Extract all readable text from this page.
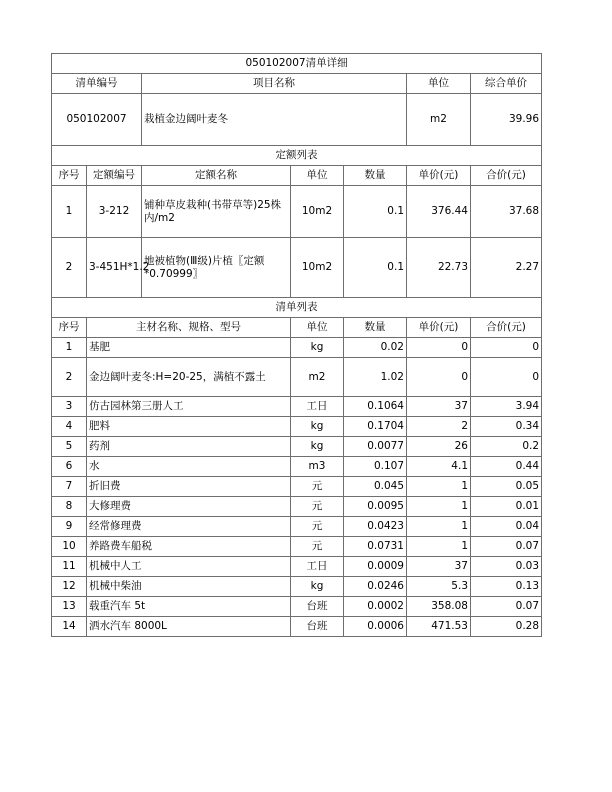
050102007清单详细						
清单编号		项目名称			单位	综合单价
050102007		栽植金边阔叶麦冬			m2	39.96
定额列表						
序号	定额编号	定额名称	单位	数量	单价(元)	合价(元)
1	3-212	铺种草皮栽种(书带草等)25株内/m2	10m2	0.1	376.44	37.68
2	3-451H*1.2	地被植物(Ⅲ级)片植〖定额*0.70999〗	10m2	0.1	22.73	2.27
清单列表						
序号	主材名称、规格、型号		单位	数量	单价(元)	合价(元)
1	基肥		kg	0.02	0	0
2	金边阔叶麦冬:H=20-25，满植不露土		m2	1.02	0	0
3	仿古园林第三册人工		工日	0.1064	37	3.94
4	肥料		kg	0.1704	2	0.34
5	药剂		kg	0.0077	26	0.2
6	水		m3	0.107	4.1	0.44
7	折旧费		元	0.045	1	0.05
8	大修理费		元	0.0095	1	0.01
9	经常修理费		元	0.0423	1	0.04
10	养路费车船税		元	0.0731	1	0.07
11	机械中人工		工日	0.0009	37	0.03
12	机械中柴油		kg	0.0246	5.3	0.13
13	载重汽车 5t		台班	0.0002	358.08	0.07
14	洒水汽车 8000L		台班	0.0006	471.53	0.28
